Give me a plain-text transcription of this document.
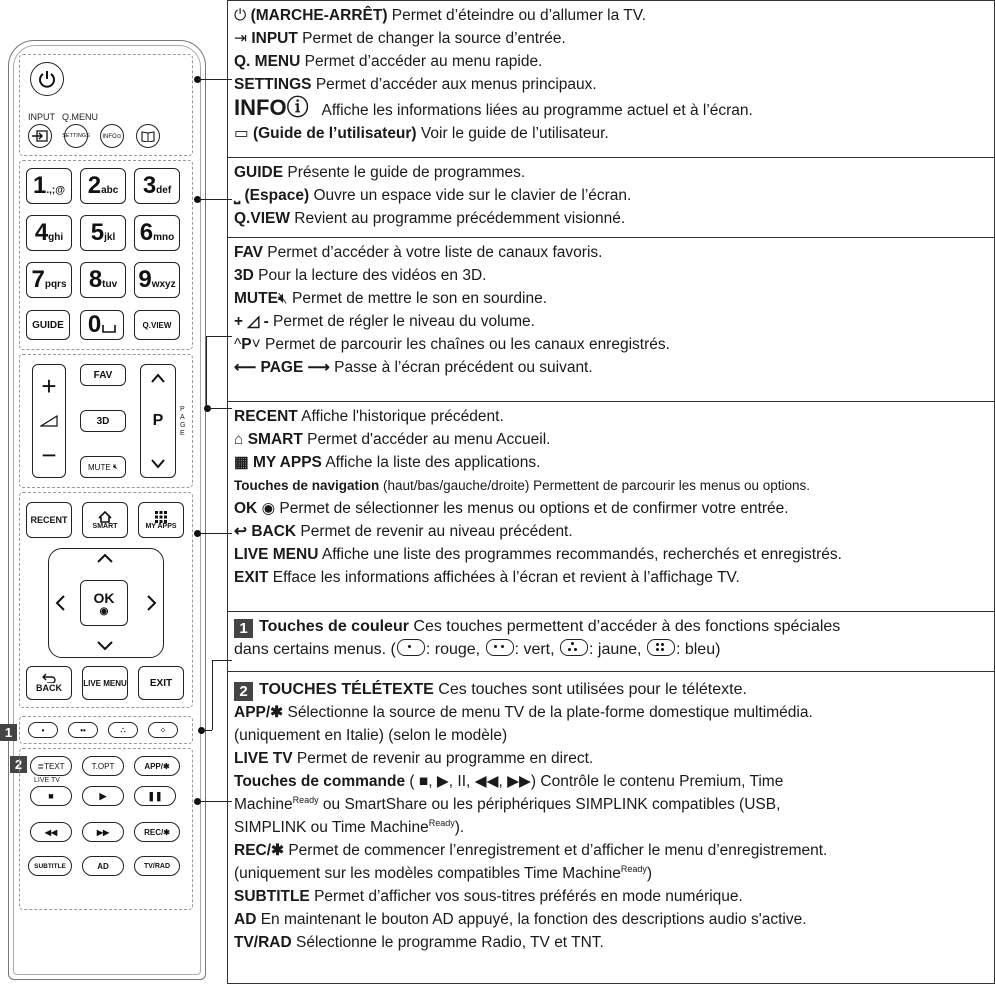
INPUT Q.MENU
SETTINGS	INFO⊙
1 .,;@ 2 abc 3 def
4 ghi 5 jkl 6 mno
7 pqrs 8 tuv 9 wxyz
GUIDE 0	Q.VIEW
+
−
FAV
3D
MUTE
🔇︎
P
PAGE
RECENT
SMART	MY APPS
OK
◉
BACK	LIVE MENU	EXIT
1	•	••	∴	⁘
2	≣ TEXT	T.OPT	APP/✱
LIVE TV
■	▶	❚❚
◀◀	▶▶	REC/✱
SUBTITLE	AD	TV/RAD
⏻ (MARCHE-ARRÊT) Permet d’éteindre ou d’allumer la TV.
⇥ INPUT Permet de changer la source d’entrée.
Q. MENU Permet d’accéder au menu rapide.
SETTINGS Permet d’accéder aux menus principaux.
INFOⓘ Affiche les informations liées au programme actuel et à l’écran.
▭ (Guide de l’utilisateur) Voir le guide de l’utilisateur.
GUIDE Présente le guide de programmes.
⎵ (Espace) Ouvre un espace vide sur le clavier de l’écran.
Q.VIEW Revient au programme précédemment visionné.
FAV Permet d’accéder à votre liste de canaux favoris.
3D Pour la lecture des vidéos en 3D.
MUTE🔇︎ Permet de mettre le son en sourdine.
+ ◿ - Permet de régler le niveau du volume.
^P˅ Permet de parcourir les chaînes ou les canaux enregistrés.
⟵ PAGE ⟶ Passe à l’écran précédent ou suivant.
RECENT Affiche l'historique précédent.
⌂ SMART Permet d'accéder au menu Accueil.
▦ MY APPS Affiche la liste des applications.
Touches de navigation (haut/bas/gauche/droite) Permettent de parcourir les menus ou options.
OK ◉ Permet de sélectionner les menus ou options et de confirmer votre entrée.
↩ BACK Permet de revenir au niveau précédent.
LIVE MENU Affiche une liste des programmes recommandés, recherchés et enregistrés.
EXIT Efface les informations affichées à l’écran et revient à l’affichage TV.
1 Touches de couleur Ces touches permettent d’accéder à des fonctions spéciales
dans certains menus. ( : rouge,
: vert,
: jaune,
: bleu)
2 TOUCHES TÉLÉTEXTE Ces touches sont utilisées pour le télétexte.
APP/✱ Sélectionne la source de menu TV de la plate-forme domestique multimédia.
(uniquement en Italie) (selon le modèle)
LIVE TV Permet de revenir au programme en direct.
Touches de commande ( ■, ▶, II, ◀◀, ▶▶) Contrôle le contenu Premium, Time
Machine$^{Ready}$ ou SmartShare ou les périphériques SIMPLINK compatibles (USB,
SIMPLINK ou Time Machine$^{Ready}$).
REC/✱ Permet de commencer l’enregistrement et d’afficher le menu d’enregistrement.
(uniquement sur les modèles compatibles Time Machine$^{Ready}$)
SUBTITLE Permet d’afficher vos sous-titres préférés en mode numérique.
AD En maintenant le bouton AD appuyé, la fonction des descriptions audio s'active.
TV/RAD Sélectionne le programme Radio, TV et TNT.
